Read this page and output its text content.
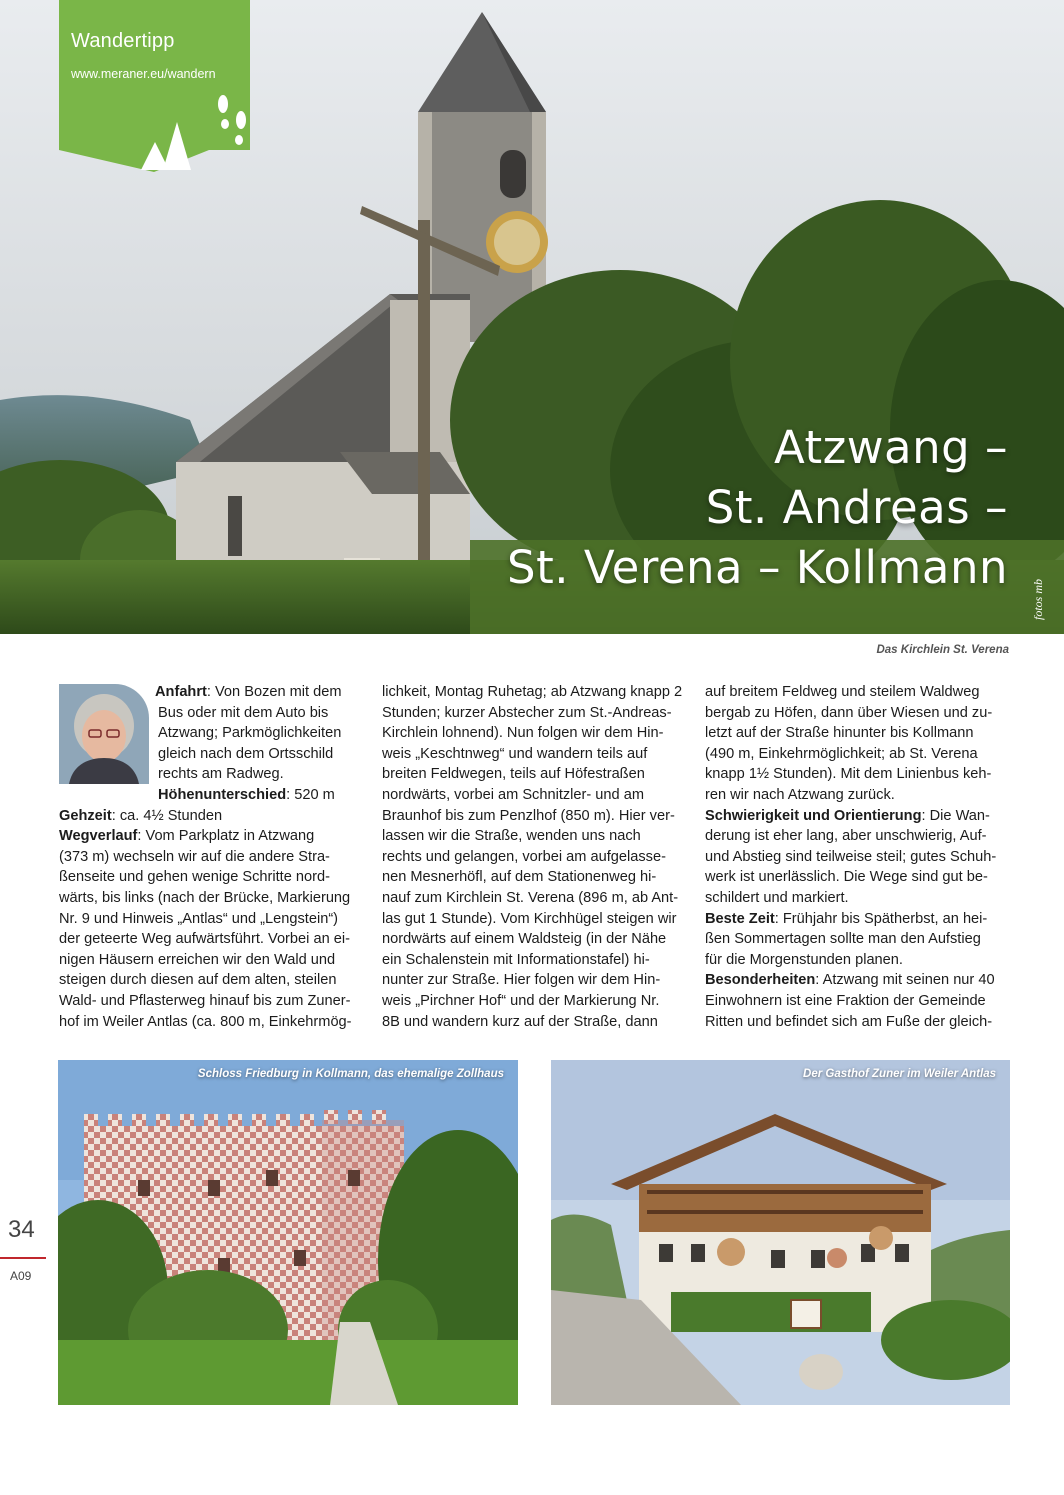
Wandertipp
www.meraner.eu/wandern
Atzwang –
St. Andreas –
St. Verena – Kollmann
fotos mb
Das Kirchlein St. Verena
Anfahrt: Von Bozen mit dem
Bus oder mit dem Auto bis
Atzwang; Parkmöglichkeiten
gleich nach dem Ortsschild
rechts am Radweg.
Höhenunterschied: 520 m
Gehzeit: ca. 4½ Stunden
Wegverlauf: Vom Parkplatz in Atzwang
(373 m) wechseln wir auf die andere Stra-
ßenseite und gehen wenige Schritte nord-
wärts, bis links (nach der Brücke, Markierung
Nr. 9 und Hinweis „Antlas“ und „Lengstein“)
der geteerte Weg aufwärtsführt. Vorbei an ei-
nigen Häusern erreichen wir den Wald und
steigen durch diesen auf dem alten, steilen
Wald- und Pflasterweg hinauf bis zum Zuner-
hof im Weiler Antlas (ca. 800 m, Einkehrmög-
lichkeit, Montag Ruhetag; ab Atzwang knapp 2
Stunden; kurzer Abstecher zum St.-Andreas-
Kirchlein lohnend). Nun folgen wir dem Hin-
weis „Keschtnweg“ und wandern teils auf
breiten Feldwegen, teils auf Höfestraßen
nordwärts, vorbei am Schnitzler- und am
Braunhof bis zum Penzlhof (850 m). Hier ver-
lassen wir die Straße, wenden uns nach
rechts und gelangen, vorbei am aufgelasse-
nen Mesnerhöfl, auf dem Stationenweg hi-
nauf zum Kirchlein St. Verena (896 m, ab Ant-
las gut 1 Stunde). Vom Kirchhügel steigen wir
nordwärts auf einem Waldsteig (in der Nähe
ein Schalenstein mit Informationstafel) hi-
nunter zur Straße. Hier folgen wir dem Hin-
weis „Pirchner Hof“ und der Markierung Nr.
8B und wandern kurz auf der Straße, dann
auf breitem Feldweg und steilem Waldweg
bergab zu Höfen, dann über Wiesen und zu-
letzt auf der Straße hinunter bis Kollmann
(490 m, Einkehrmöglichkeit; ab St. Verena
knapp 1½ Stunden). Mit dem Linienbus keh-
ren wir nach Atzwang zurück.
Schwierigkeit und Orientierung: Die Wan-
derung ist eher lang, aber unschwierig, Auf-
und Abstieg sind teilweise steil; gutes Schuh-
werk ist unerlässlich. Die Wege sind gut be-
schildert und markiert.
Beste Zeit: Frühjahr bis Spätherbst, an hei-
ßen Sommertagen sollte man den Aufstieg
für die Morgenstunden planen.
Besonderheiten: Atzwang mit seinen nur 40
Einwohnern ist eine Fraktion der Gemeinde
Ritten und befindet sich am Fuße der gleich-
Schloss Friedburg in Kollmann, das ehemalige Zollhaus	Der Gasthof Zuner im Weiler Antlas
34
A09
